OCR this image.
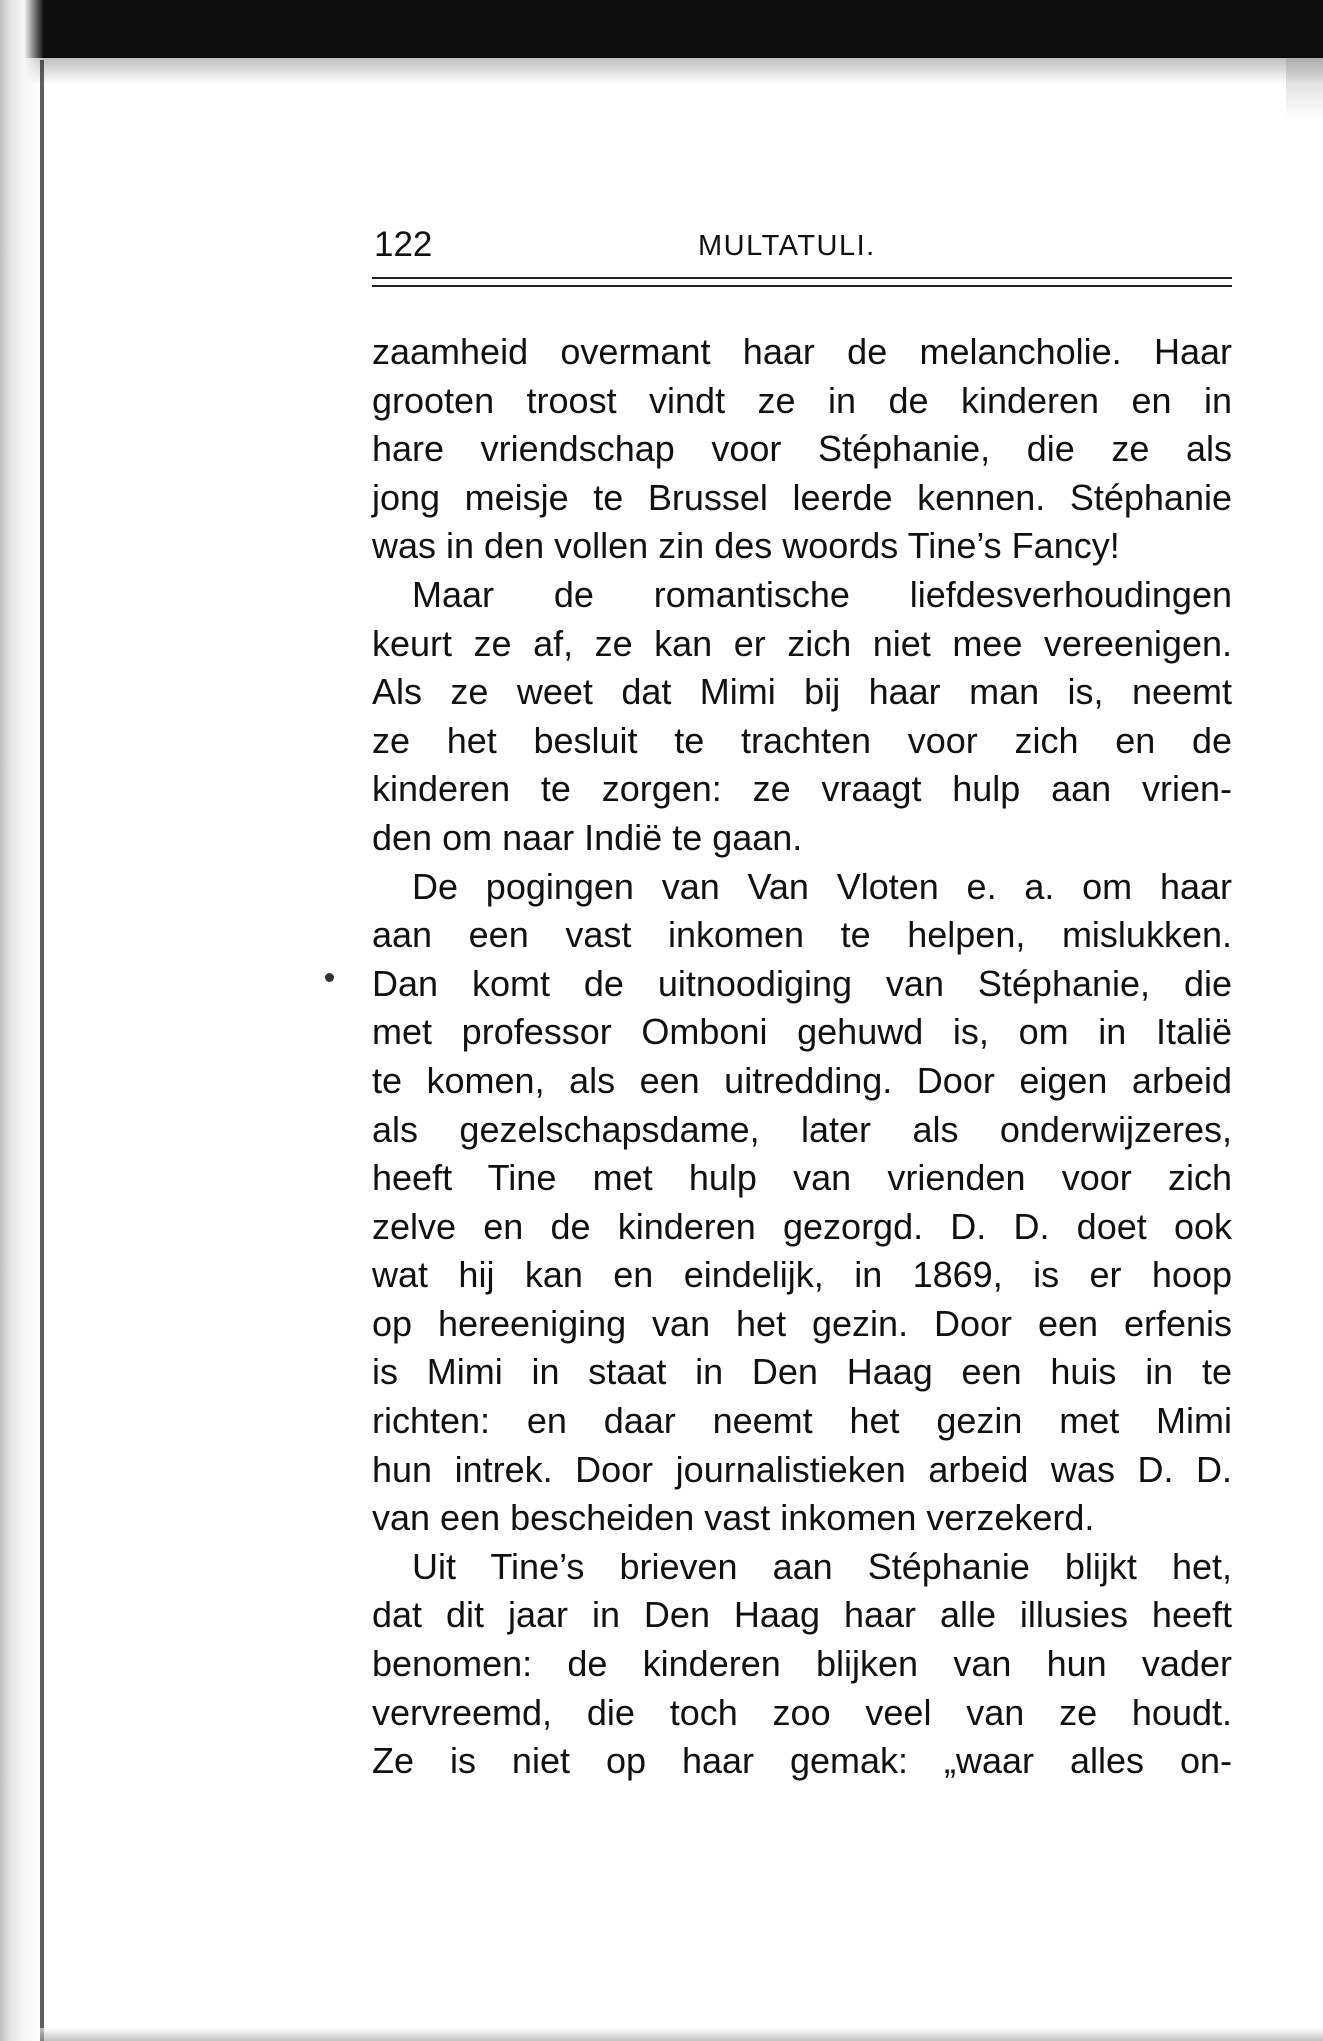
122	MULTATULI.

zaamheid overmant haar de melancholie. Haar
grooten troost vindt ze in de kinderen en in
hare vriendschap voor Stéphanie, die ze als
jong meisje te Brussel leerde kennen. Stéphanie
was in den vollen zin des woords Tine’s Fancy!
Maar de romantische liefdesverhoudingen
keurt ze af, ze kan er zich niet mee vereenigen.
Als ze weet dat Mimi bij haar man is, neemt
ze het besluit te trachten voor zich en de
kinderen te zorgen: ze vraagt hulp aan vrien-
den om naar Indië te gaan.
De pogingen van Van Vloten e. a. om haar
aan een vast inkomen te helpen, mislukken.
Dan komt de uitnoodiging van Stéphanie, die
met professor Omboni gehuwd is, om in Italië
te komen, als een uitredding. Door eigen arbeid
als gezelschapsdame, later als onderwijzeres,
heeft Tine met hulp van vrienden voor zich
zelve en de kinderen gezorgd. D. D. doet ook
wat hij kan en eindelijk, in 1869, is er hoop
op hereeniging van het gezin. Door een erfenis
is Mimi in staat in Den Haag een huis in te
richten: en daar neemt het gezin met Mimi
hun intrek. Door journalistieken arbeid was D. D.
van een bescheiden vast inkomen verzekerd.
Uit Tine’s brieven aan Stéphanie blijkt het,
dat dit jaar in Den Haag haar alle illusies heeft
benomen: de kinderen blijken van hun vader
vervreemd, die toch zoo veel van ze houdt.
Ze is niet op haar gemak: „waar alles on-
